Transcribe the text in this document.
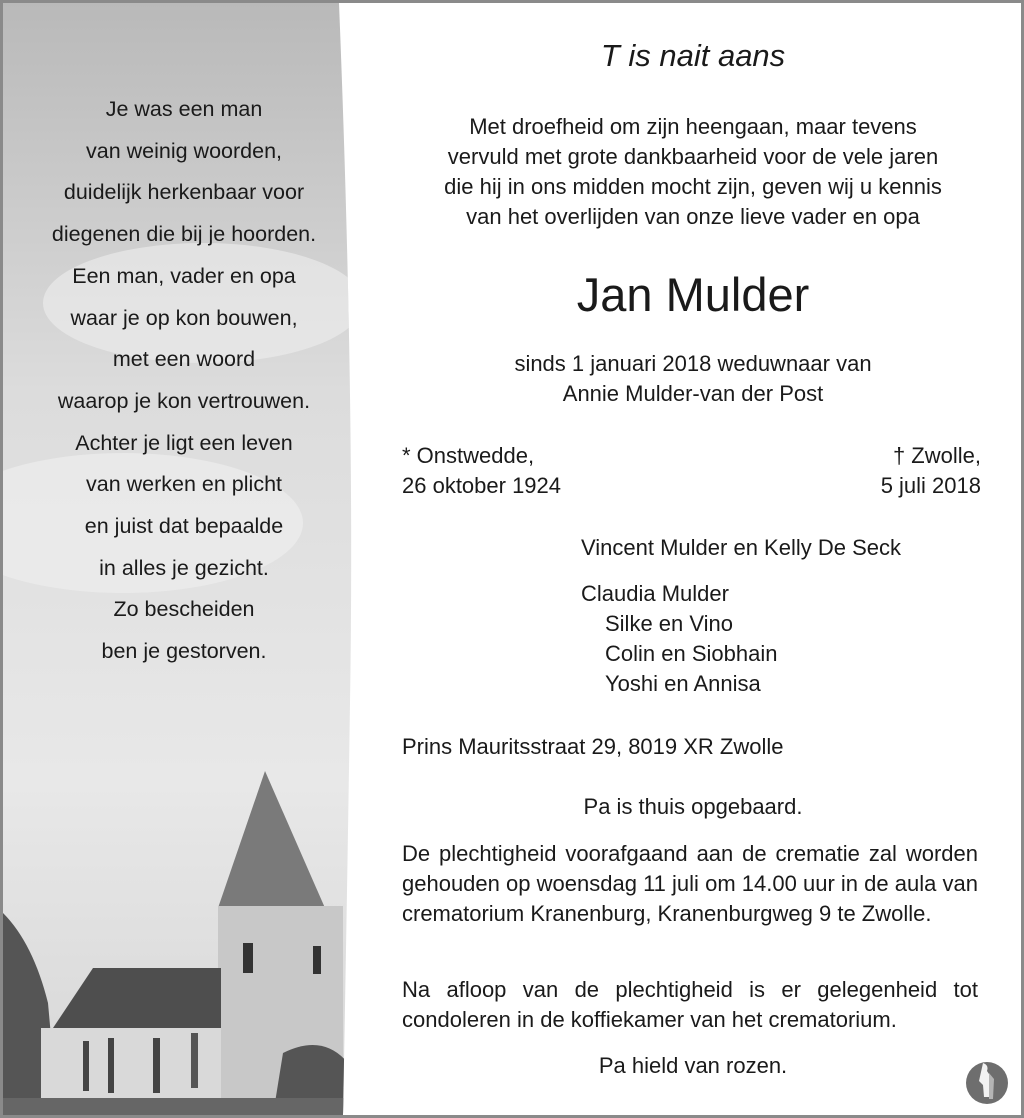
Je was een man
van weinig woorden,
duidelijk herkenbaar voor
diegenen die bij je hoorden.
Een man, vader en opa
waar je op kon bouwen,
met een woord
waarop je kon vertrouwen.
Achter je ligt een leven
van werken en plicht
en juist dat bepaalde
in alles je gezicht.
Zo bescheiden
ben je gestorven.
T is nait aans
Met droefheid om zijn heengaan, maar tevens
vervuld met grote dankbaarheid voor de vele jaren
die hij in ons midden mocht zijn, geven wij u kennis
van het overlijden van onze lieve vader en opa
Jan Mulder
sinds 1 januari 2018 weduwnaar van
Annie Mulder-van der Post
* Onstwedde,
26 oktober 1924
† Zwolle,
5 juli 2018
Vincent Mulder en Kelly De Seck
Claudia Mulder
Silke en Vino
Colin en Siobhain
Yoshi en Annisa
Prins Mauritsstraat 29, 8019 XR Zwolle
Pa is thuis opgebaard.
De plechtigheid voorafgaand aan de crematie zal worden gehouden op woensdag 11 juli om 14.00 uur in de aula van crematorium Kranenburg, Kranenburgweg 9 te Zwolle.
Na afloop van de plechtigheid is er gelegenheid tot condoleren in de koffiekamer van het crematorium.
Pa hield van rozen.
